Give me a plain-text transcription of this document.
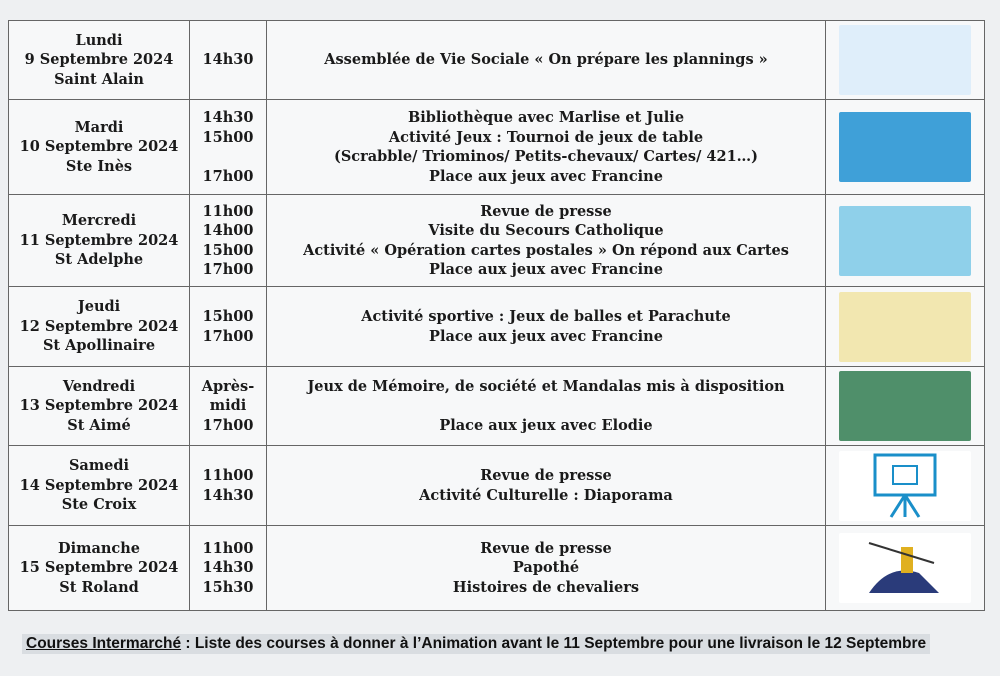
Lundi
9 Septembre 2024
Saint Alain	14h30	Assemblée de Vie Sociale « On prépare les plannings »	

Mardi
10 Septembre 2024
Ste Inès	14h30
15h00
17h00	Bibliothèque avec Marlise et Julie
Activité Jeux : Tournoi de jeux de table
(Scrabble/ Triominos/ Petits-chevaux/ Cartes/ 421…)
Place aux jeux avec Francine	

Mercredi
11 Septembre 2024
St Adelphe	11h00
14h00
15h00
17h00	Revue de presse
Visite du Secours Catholique
Activité « Opération cartes postales » On répond aux Cartes
Place aux jeux avec Francine	

Jeudi
12 Septembre 2024
St Apollinaire	15h00
17h00	Activité sportive : Jeux de balles et Parachute
Place aux jeux avec Francine	

Vendredi
13 Septembre 2024
St Aimé	Après-
midi
17h00	Jeux de Mémoire, de société et Mandalas mis à disposition
Place aux jeux avec Elodie	

Samedi
14 Septembre 2024
Ste Croix	11h00
14h30	Revue de presse
Activité Culturelle : Diaporama

Dimanche
15 Septembre 2024
St Roland	11h00
14h30
15h30	Revue de presse
Papothé
Histoires de chevaliers

Courses Intermarché : Liste des courses à donner à l’Animation avant le 11 Septembre pour une livraison le 12 Septembre
